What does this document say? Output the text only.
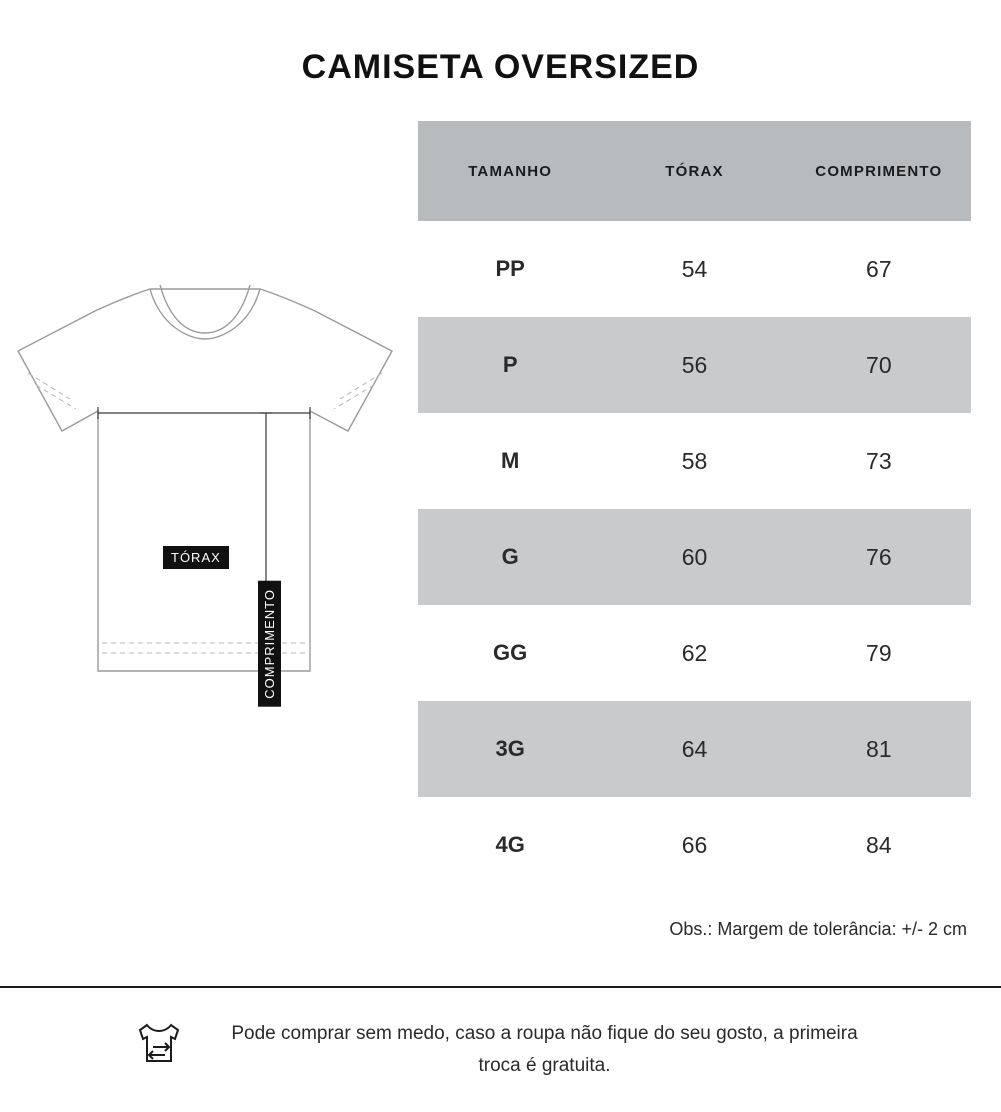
CAMISETA OVERSIZED
TÓRAX
COMPRIMENTO
TAMANHO	TÓRAX	COMPRIMENTO
PP	54	67
P	56	70
M	58	73
G	60	76
GG	62	79
3G	64	81
4G	66	84
Obs.: Margem de tolerância: +/- 2 cm
Pode comprar sem medo, caso a roupa não fique do seu gosto, a primeira troca é gratuita.
